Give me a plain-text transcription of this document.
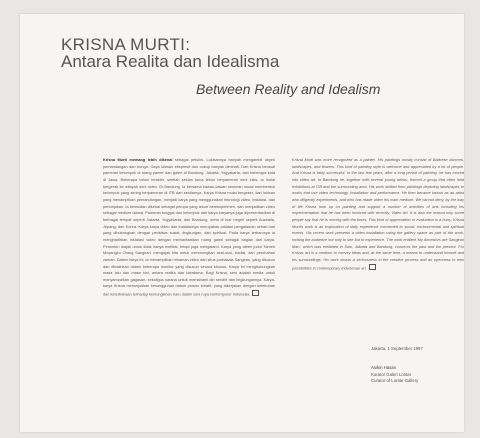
KRISNA MURTI:
Antara Realita dan Idealisma
Between Reality and Idealism
Krisna Murti memang lebih dikenal sebagai pelukis. Lukisannya banyak mengambil obyek pemandangan dan bunga. Gaya lukisan ekspresif dan cukup banyak diminati. Dari Krisna berasal pameran kelompok di ruang pamer dan galeri di Bandung, Jakarta, Yogyakarta, dan beberapa kota di Jawa. Beberapa tahun terakhir, setelah sekian lama tekun berpameran seni lukis, ia mulai bergerak ke wilayah seni video. Di Bandung, ia bersama kawan-kawan seniman muda membentuk kelompok yang sering berpameran di ITB dan sekitarnya. Karya Krisna mulai bergeser, dari lukisan yang menampilkan pemandangan, menjadi karya yang menggunakan teknologi video, instalasi, dan pertunjukan. Ia kemudian dikenal sebagai perupa yang tekun bereksperimen, dan menjadikan video sebagai medium utama. Pameran tunggal dan kelompok dari karya-karyanya juga dipresentasikan di berbagai tempat seperti Jakarta, Yogyakarta, dan Bandung, serta di luar negeri seperti Australia, Jepang, dan Korea. Karya-karya video dan instalasinya merupakan catatan pengalaman sehari-hari yang dihubungkan dengan peristiwa sosial, lingkungan, dan spiritual. Pada karya terbarunya ia menghadirkan instalasi video dengan memanfaatkan ruang galeri sebagai bagian dari karya. Penonton diajak untuk tidak hanya melihat, tetapi juga mengalami. Karya yang diberi judul 'Nenek Moyangku Orang Sangiran' mengajak kita untuk merenungkan asal-usul, tradisi, dan perubahan zaman. Dalam karya ini, ia menampilkan rekaman video dari situs purbakala Sangiran, yang disusun dan dimainkan dalam beberapa monitor yang disusun secara khusus. Karya ini menghubungkan masa lalu dan masa kini, antara realita dan idealisma. Bagi Krisna, seni adalah media untuk menyampaikan gagasan, sekaligus sarana untuk memahami diri sendiri dan lingkungannya. Karya-karya Krisna menunjukkan kesungguhan dalam proses kreatif, yang dikerjakan dengan ketekunan dan keterbukaan terhadap kemungkinan baru dalam seni rupa kontemporer Indonesia.
Krisna Murti was more recognized as a painter. His paintings mostly consist of Balinese dancers, landscapes, and flowers. This kind of painting style is welcome and appreciated by a lot of people. And Krisna is fairly successful. In the last few years, after a long period of painting, he has moved into video art. In Bandung he, together with several young artists, formed a group that often held exhibitions at ITB and the surrounding area. His work shifted from paintings depicting landscapes to works that use video technology, installation and performance. He then became known as an artist who diligently experiments, and who has made video his main medium. We cannot deny, by the way of life Krisna took up on painting and support a number of activities of arts including his experimentation that he has been involved with recently, Video Art. It is also the reason why some people say that he is moving with the times. This kind of appreciation or evaluation is a hurry. Krisna Murti's work is an exploration of daily experience connected to social, environmental and spiritual events. His recent work presents a video installation using the gallery space as part of the work, inviting the audience not only to see but to experience. The work entitled 'My Ancestors are Sangiran Man', which was exhibited in Solo, Jakarta and Bandung, connects the past and the present. For Krisna, art is a medium to convey ideas and, at the same time, a means to understand himself and his surroundings. His work shows a seriousness in the creative process and an openness to new possibilities in contemporary Indonesian art.
Jakarta, 1 September 1997
Asikin Hasan
Kurator Galeri Lontar
Curator of Lontar Gallery
